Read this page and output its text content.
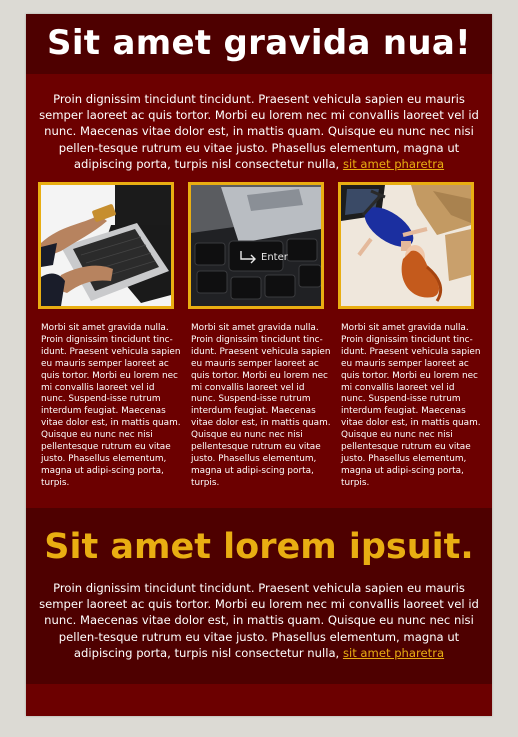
Sit amet gravida nua!

Proin dignissim tincidunt tincidunt. Praesent vehicula sapien eu mauris semper laoreet ac quis tortor. Morbi eu lorem nec mi convallis laoreet vel id nunc. Maecenas vitae dolor est, in mattis quam. Quisque eu nunc nec nisi pellen-tesque rutrum eu vitae justo. Phasellus elementum, magna ut adipiscing porta, turpis nisl consectetur nulla, sit amet pharetra

Enter
Morbi sit amet gravida nulla. Proin dignissim tincidunt tinc-idunt. Praesent vehicula sapien eu mauris semper laoreet ac quis tortor. Morbi eu lorem nec mi convallis laoreet vel id nunc. Suspend-isse rutrum interdum feugiat. Maecenas vitae dolor est, in mattis quam. Quisque eu nunc nec nisi pellentesque rutrum eu vitae justo. Phasellus elementum, magna ut adipi-scing porta, turpis.
Morbi sit amet gravida nulla. Proin dignissim tincidunt tinc-idunt. Praesent vehicula sapien eu mauris semper laoreet ac quis tortor. Morbi eu lorem nec mi convallis laoreet vel id nunc. Suspend-isse rutrum interdum feugiat. Maecenas vitae dolor est, in mattis quam. Quisque eu nunc nec nisi pellentesque rutrum eu vitae justo. Phasellus elementum, magna ut adipi-scing porta, turpis.
Morbi sit amet gravida nulla. Proin dignissim tincidunt tinc-idunt. Praesent vehicula sapien eu mauris semper laoreet ac quis tortor. Morbi eu lorem nec mi convallis laoreet vel id nunc. Suspend-isse rutrum interdum feugiat. Maecenas vitae dolor est, in mattis quam. Quisque eu nunc nec nisi pellentesque rutrum eu vitae justo. Phasellus elementum, magna ut adipi-scing porta, turpis.
Sit amet lorem ipsuit.

Proin dignissim tincidunt tincidunt. Praesent vehicula sapien eu mauris semper laoreet ac quis tortor. Morbi eu lorem nec mi convallis laoreet vel id nunc. Maecenas vitae dolor est, in mattis quam. Quisque eu nunc nec nisi pellen-tesque rutrum eu vitae justo. Phasellus elementum, magna ut adipiscing porta, turpis nisl consectetur nulla, sit amet pharetra
